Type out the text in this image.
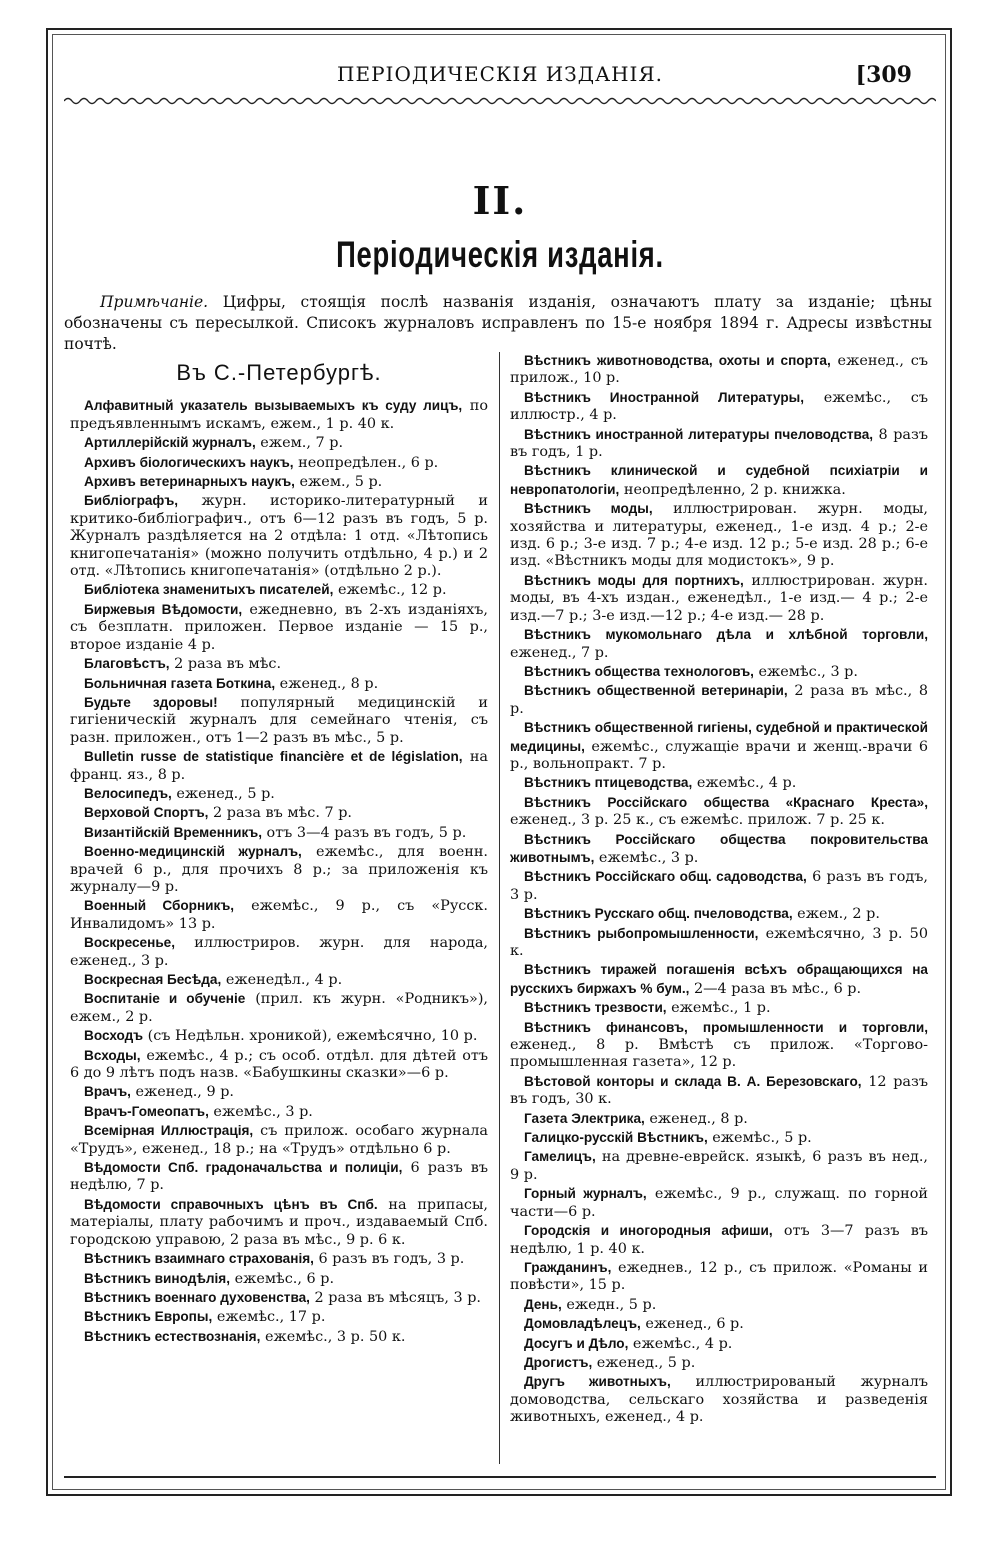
ПЕРІОДИЧЕСКІЯ ИЗДАНІЯ.	[309
II.
Періодическія изданія.
Примѣчаніе. Цифры, стоящія послѣ названія изданія, означаютъ плату за изданіе; цѣны обозначены съ пересылкой. Списокъ журналовъ исправленъ по 15-е ноября 1894 г. Адресы извѣстны почтѣ.
Въ С.-Петербургѣ.

Алфавитный указатель вызываемыхъ къ суду лицъ, по предъявленнымъ искамъ, ежем., 1 р. 40 к.

Артиллерійскій журналъ, ежем., 7 р.

Архивъ біологическихъ наукъ, неопредѣлен., 6 р.

Архивъ ветеринарныхъ наукъ, ежем., 5 р.

Библіографъ, журн. историко-литературный и критико-библіографич., отъ 6—12 разъ въ годъ, 5 р. Журналъ раздѣляется на 2 отдѣла: 1 отд. «Лѣтопись книгопечатанія» (можно получить отдѣльно, 4 р.) и 2 отд. «Лѣтопись книгопечатанія» (отдѣльно 2 р.).

Библіотека знаменитыхъ писателей, ежемѣс., 12 р.

Биржевыя Вѣдомости, ежедневно, въ 2-хъ изданіяхъ, съ безплатн. приложен. Первое изданіе — 15 р., второе изданіе 4 р.

Благовѣстъ, 2 раза въ мѣс.

Больничная газета Боткина, еженед., 8 р.

Будьте здоровы! популярный медицинскій и гигіеническій журналъ для семейнаго чтенія, съ разн. приложен., отъ 1—2 разъ въ мѣс., 5 р.

Bulletin russe de statistique financière et de législation, на франц. яз., 8 р.

Велосипедъ, еженед., 5 р.

Верховой Спортъ, 2 раза въ мѣс. 7 р.

Византійскій Временникъ, отъ 3—4 разъ въ годъ, 5 р.

Военно-медицинскій журналъ, ежемѣс., для военн. врачей 6 р., для прочихъ 8 р.; за приложенія къ журналу—9 р.

Военный Сборникъ, ежемѣс., 9 р., съ «Русск. Инвалидомъ» 13 р.

Воскресенье, иллюстриров. журн. для народа, еженед., 3 р.

Воскресная Бесѣда, еженедѣл., 4 р.

Воспитаніе и обученіе (прил. къ журн. «Родникъ»), ежем., 2 р.

Восходъ (съ Недѣльн. хроникой), ежемѣсячно, 10 р.

Всходы, ежемѣс., 4 р.; съ особ. отдѣл. для дѣтей отъ 6 до 9 лѣтъ подъ назв. «Бабушкины сказки»—6 р.

Врачъ, еженед., 9 р.

Врачъ-Гомеопатъ, ежемѣс., 3 р.

Всемірная Иллюстрація, съ прилож. особаго журнала «Трудъ», еженед., 18 р.; на «Трудъ» отдѣльно 6 р.

Вѣдомости Спб. градоначальства и полиціи, 6 разъ въ недѣлю, 7 р.

Вѣдомости справочныхъ цѣнъ въ Спб. на припасы, матеріалы, плату рабочимъ и проч., издаваемый Спб. городскою управою, 2 раза въ мѣс., 9 р. 6 к.

Вѣстникъ взаимнаго страхованія, 6 разъ въ годъ, 3 р.

Вѣстникъ винодѣлія, ежемѣс., 6 р.

Вѣстникъ военнаго духовенства, 2 раза въ мѣсяцъ, 3 р.

Вѣстникъ Европы, ежемѣс., 17 р.

Вѣстникъ естествознанія, ежемѣс., 3 р. 50 к.

Вѣстникъ животноводства, охоты и спорта, еженед., съ прилож., 10 р.

Вѣстникъ Иностранной Литературы, ежемѣс., съ иллюстр., 4 р.

Вѣстникъ иностранной литературы пчеловодства, 8 разъ въ годъ, 1 р.

Вѣстникъ клинической и судебной психіатріи и невропатологіи, неопредѣленно, 2 р. книжка.

Вѣстникъ моды, иллюстрирован. журн. моды, хозяйства и литературы, еженед., 1-е изд. 4 р.; 2-е изд. 6 р.; 3-е изд. 7 р.; 4-е изд. 12 р.; 5-е изд. 28 р.; 6-е изд. «Вѣстникъ моды для модистокъ», 9 р.

Вѣстникъ моды для портнихъ, иллюстрирован. журн. моды, въ 4-хъ издан., еженедѣл., 1-е изд.— 4 р.; 2-е изд.—7 р.; 3-е изд.—12 р.; 4-е изд.— 28 р.

Вѣстникъ мукомольнаго дѣла и хлѣбной торговли, еженед., 7 р.

Вѣстникъ общества технологовъ, ежемѣс., 3 р.

Вѣстникъ общественной ветеринаріи, 2 раза въ мѣс., 8 р.

Вѣстникъ общественной гигіены, судебной и практической медицины, ежемѣс., служащіе врачи и женщ.-врачи 6 р., вольнопракт. 7 р.

Вѣстникъ птицеводства, ежемѣс., 4 р.

Вѣстникъ Россійскаго общества «Краснаго Креста», еженед., 3 р. 25 к., съ ежемѣс. прилож. 7 р. 25 к.

Вѣстникъ Россійскаго общества покровительства животнымъ, ежемѣс., 3 р.

Вѣстникъ Россійскаго общ. садоводства, 6 разъ въ годъ, 3 р.

Вѣстникъ Русскаго общ. пчеловодства, ежем., 2 р.

Вѣстникъ рыбопромышленности, ежемѣсячно, 3 р. 50 к.

Вѣстникъ тиражей погашенія всѣхъ обращающихся на русскихъ биржахъ % бум., 2—4 раза въ мѣс., 6 р.

Вѣстникъ трезвости, ежемѣс., 1 р.

Вѣстникъ финансовъ, промышленности и торговли, еженед., 8 р. Вмѣстѣ съ прилож. «Торгово-промышленная газета», 12 р.

Вѣстовой конторы и склада В. А. Березовскаго, 12 разъ въ годъ, 30 к.

Газета Электрика, еженед., 8 р.

Галицко-русскій Вѣстникъ, ежемѣс., 5 р.

Гамелицъ, на древне-еврейск. языкѣ, 6 разъ въ нед., 9 р.

Горный журналъ, ежемѣс., 9 р., служащ. по горной части—6 р.

Городскія и иногородныя афиши, отъ 3—7 разъ въ недѣлю, 1 р. 40 к.

Гражданинъ, ежеднев., 12 р., съ прилож. «Романы и повѣсти», 15 р.

День, ежедн., 5 р.

Домовладѣлецъ, еженед., 6 р.

Досугъ и Дѣло, ежемѣс., 4 р.

Дрогистъ, еженед., 5 р.

Другъ животныхъ, иллюстрированый журналъ домоводства, сельскаго хозяйства и разведенія животныхъ, еженед., 4 р.
